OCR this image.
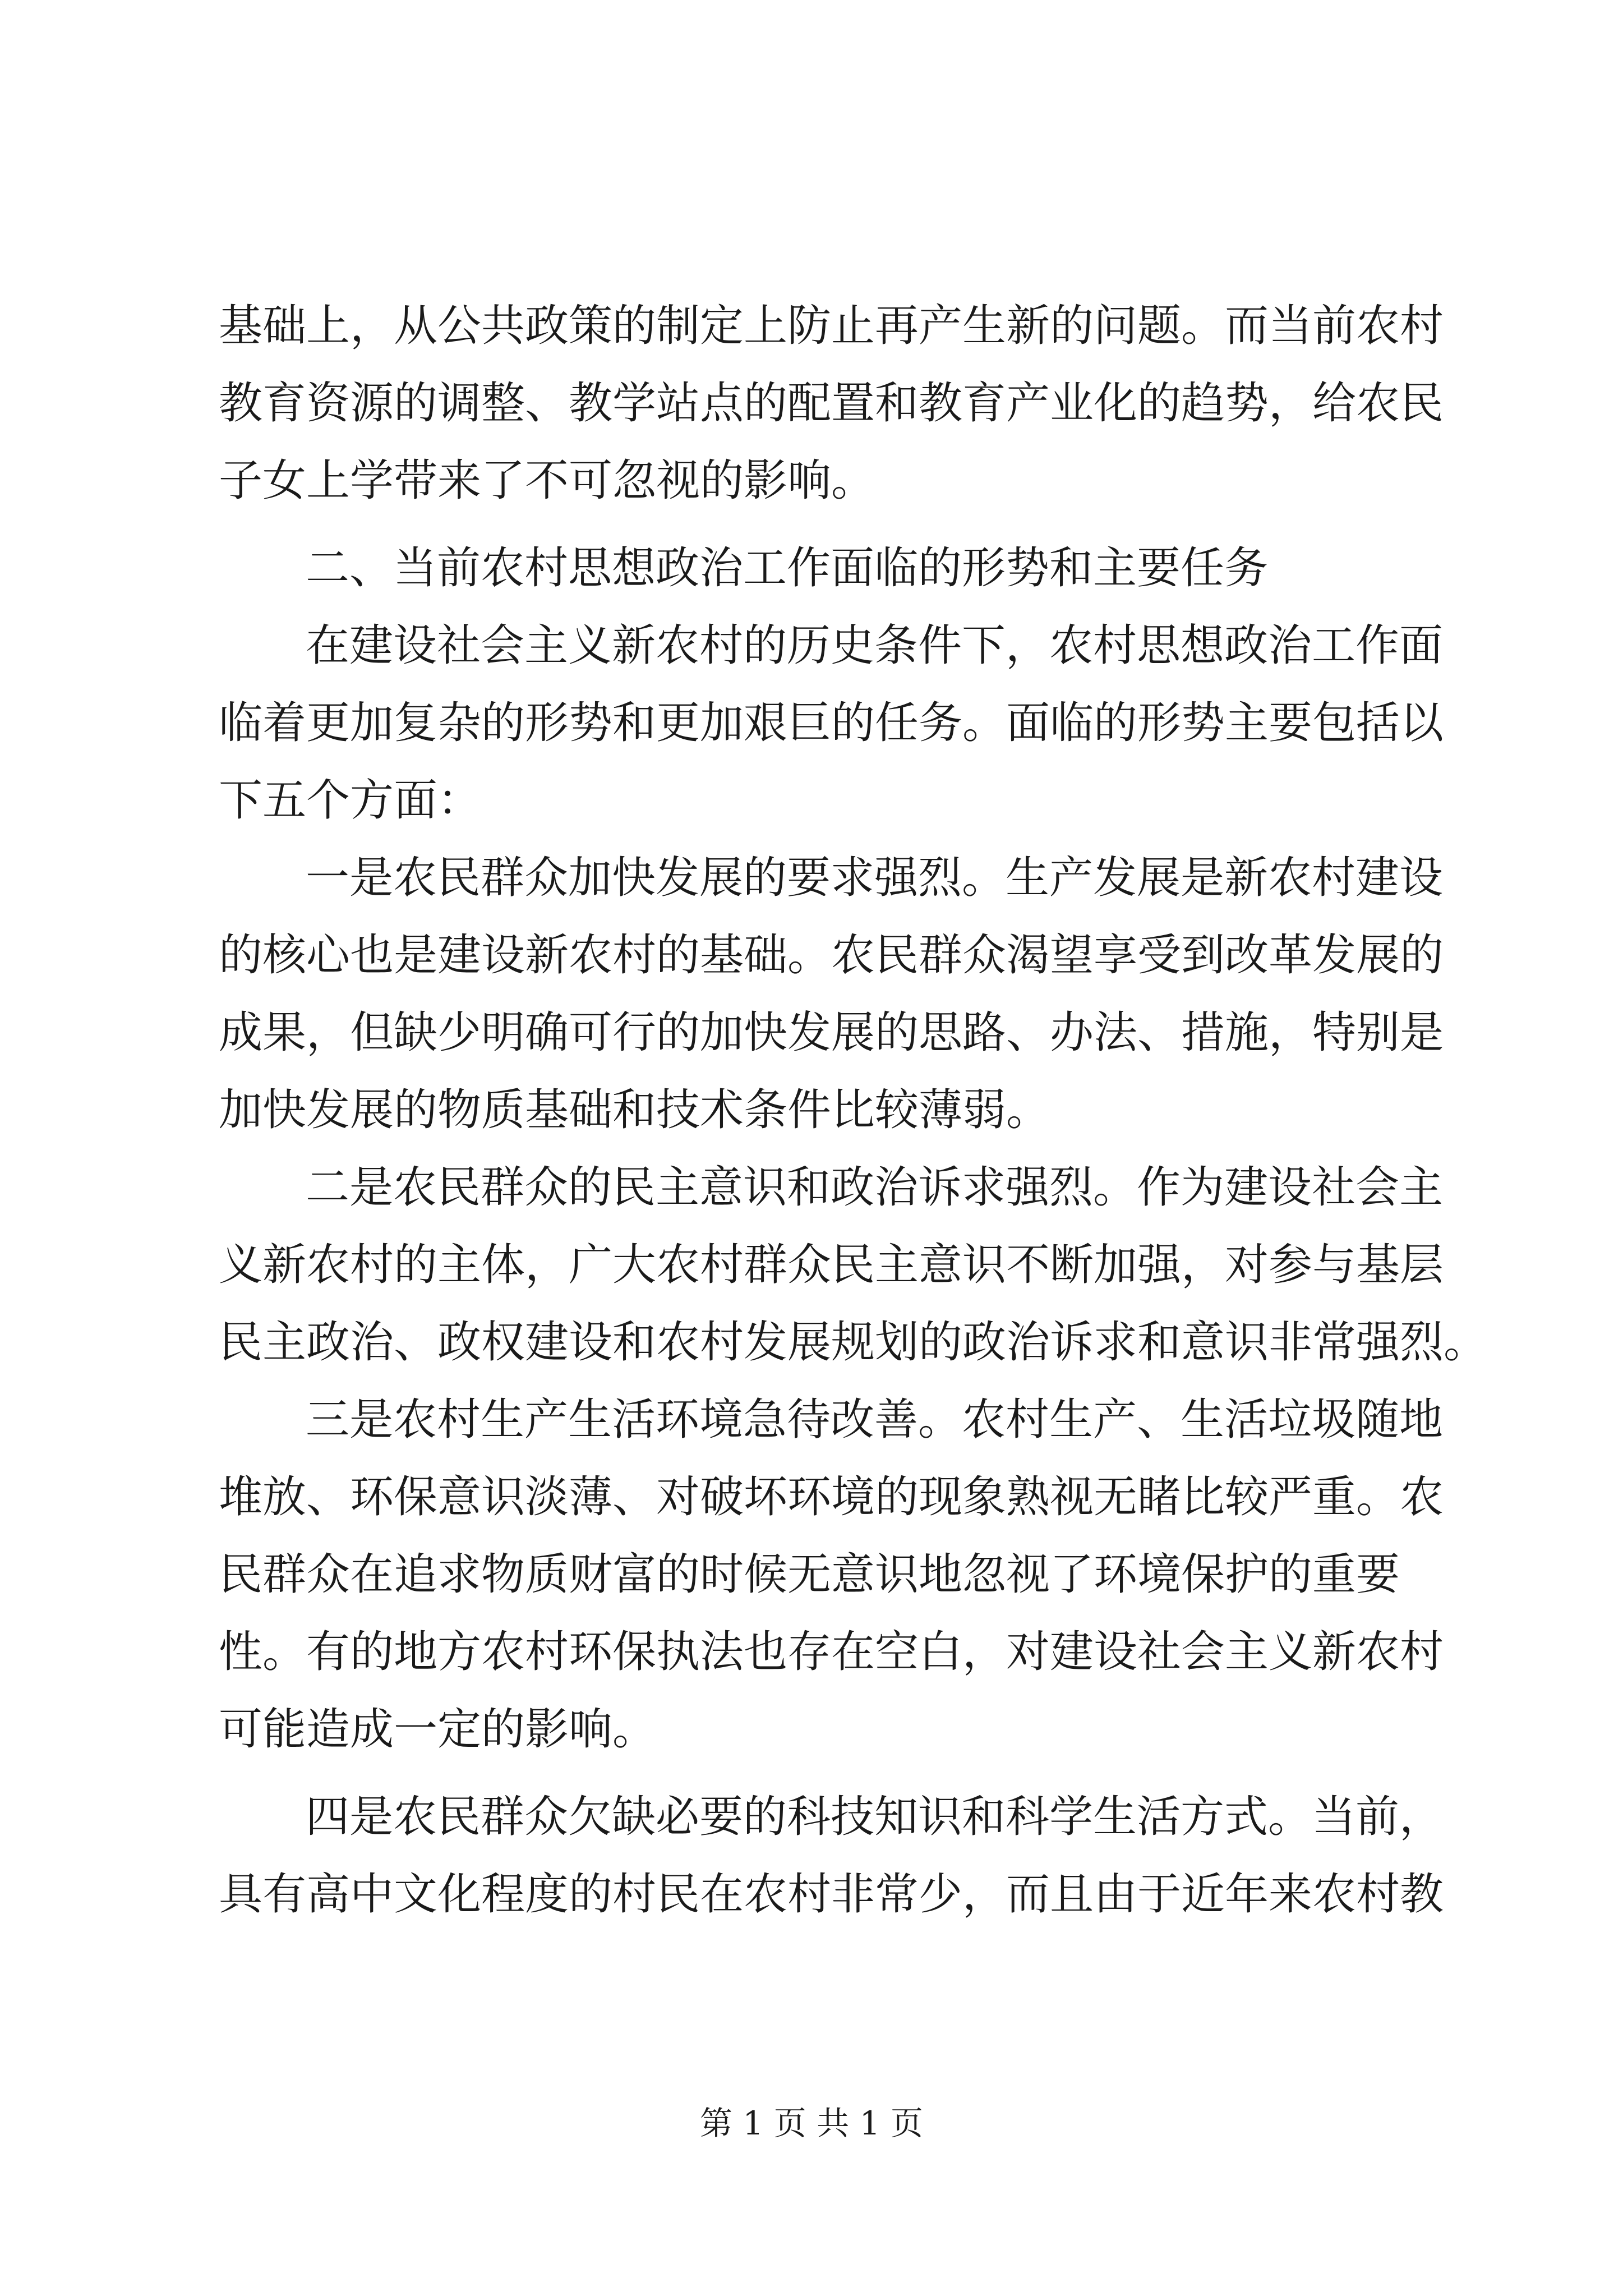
基础上，从公共政策的制定上防止再产生新的问题。而当前农村

教育资源的调整、教学站点的配置和教育产业化的趋势，给农民

子女上学带来了不可忽视的影响。

二、当前农村思想政治工作面临的形势和主要任务

在建设社会主义新农村的历史条件下，农村思想政治工作面

临着更加复杂的形势和更加艰巨的任务。面临的形势主要包括以

下五个方面：

一是农民群众加快发展的要求强烈。生产发展是新农村建设

的核心也是建设新农村的基础。农民群众渴望享受到改革发展的

成果，但缺少明确可行的加快发展的思路、办法、措施，特别是

加快发展的物质基础和技术条件比较薄弱。

二是农民群众的民主意识和政治诉求强烈。作为建设社会主

义新农村的主体，广大农村群众民主意识不断加强，对参与基层

民主政治、政权建设和农村发展规划的政治诉求和意识非常强烈。

三是农村生产生活环境急待改善。农村生产、生活垃圾随地

堆放、环保意识淡薄、对破坏环境的现象熟视无睹比较严重。农

民群众在追求物质财富的时候无意识地忽视了环境保护的重要

性。有的地方农村环保执法也存在空白，对建设社会主义新农村

可能造成一定的影响。

四是农民群众欠缺必要的科技知识和科学生活方式。当前，

具有高中文化程度的村民在农村非常少，而且由于近年来农村教

第 1 页 共 1 页
